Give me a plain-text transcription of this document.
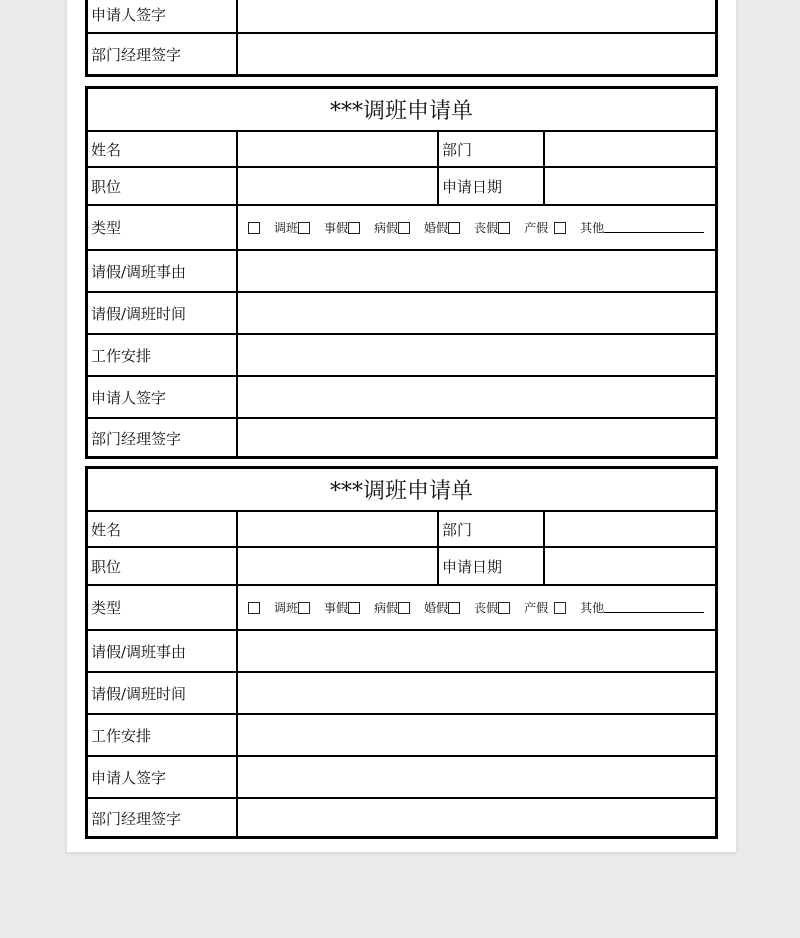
申请人签字
部门经理签字
***调班申请单
姓名	部门
职位	申请日期
类型	调班 事假 病假 婚假 丧假 产假	其他
请假/调班事由
请假/调班时间
工作安排
申请人签字
部门经理签字
***调班申请单
姓名	部门
职位	申请日期
类型	调班 事假 病假 婚假 丧假 产假	其他
请假/调班事由
请假/调班时间
工作安排
申请人签字
部门经理签字
